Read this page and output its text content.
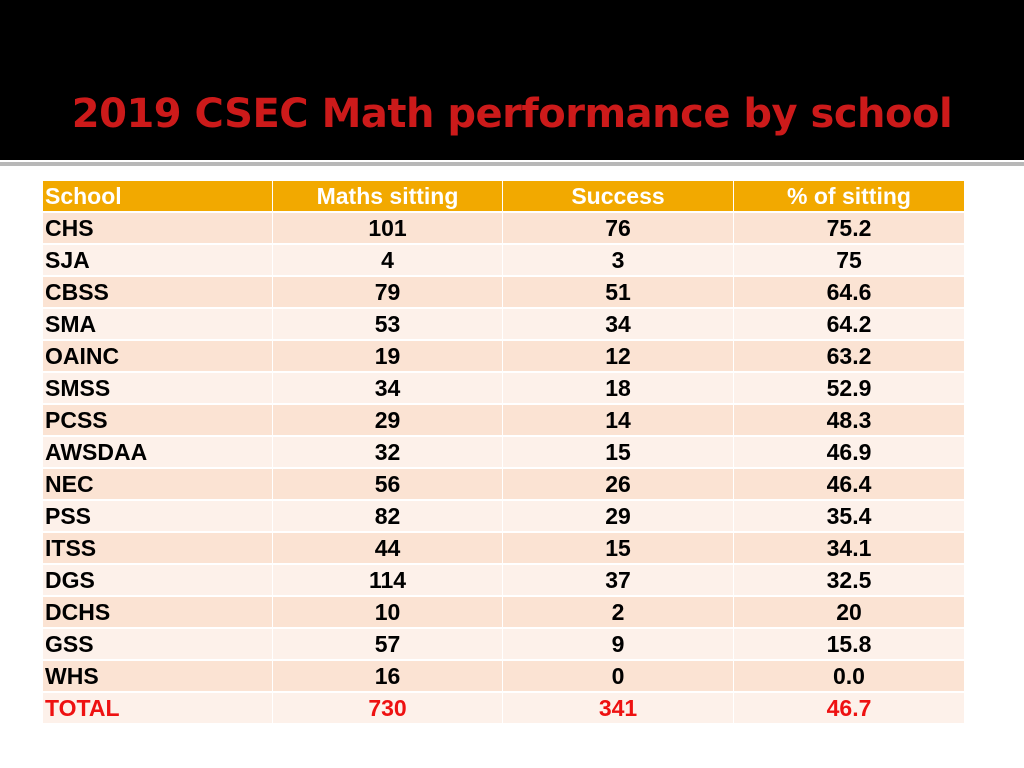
2019 CSEC Math performance by school
School	Maths sitting	Success	% of sitting
CHS	101	76	75.2
SJA	4	3	75
CBSS	79	51	64.6
SMA	53	34	64.2
OAINC	19	12	63.2
SMSS	34	18	52.9
PCSS	29	14	48.3
AWSDAA	32	15	46.9
NEC	56	26	46.4
PSS	82	29	35.4
ITSS	44	15	34.1
DGS	114	37	32.5
DCHS	10	2	20
GSS	57	9	15.8
WHS	16	0	0.0
TOTAL	730	341	46.7
